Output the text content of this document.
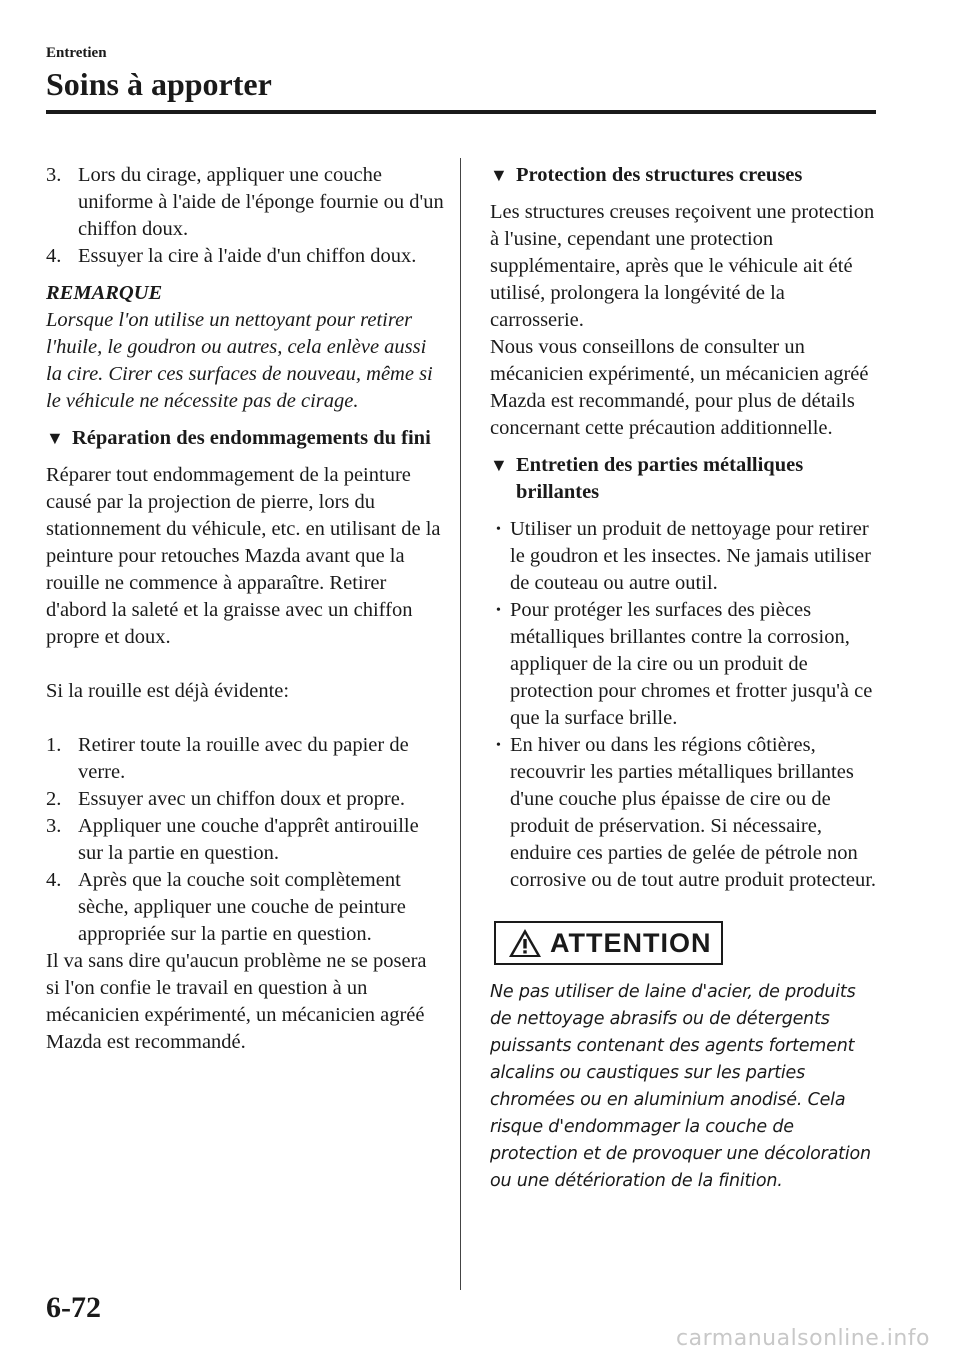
Entretien
Soins à apporter
3. Lors du cirage, appliquer une couche uniforme à l'aide de l'éponge fournie ou d'un chiffon doux.
4. Essuyer la cire à l'aide d'un chiffon doux.
REMARQUE
Lorsque l'on utilise un nettoyant pour retirer l'huile, le goudron ou autres, cela enlève aussi la cire. Cirer ces surfaces de nouveau, même si le véhicule ne nécessite pas de cirage.
▼ Réparation des endommagements du fini

Réparer tout endommagement de la peinture causé par la projection de pierre, lors du stationnement du véhicule, etc. en utilisant de la peinture pour retouches Mazda avant que la rouille ne commence à apparaître. Retirer d'abord la saleté et la graisse avec un chiffon propre et doux.

Si la rouille est déjà évidente:

1. Retirer toute la rouille avec du papier de verre.
2. Essuyer avec un chiffon doux et propre.
3. Appliquer une couche d'apprêt antirouille sur la partie en question.
4. Après que la couche soit complètement sèche, appliquer une couche de peinture appropriée sur la partie en question.

Il va sans dire qu'aucun problème ne se posera si l'on confie le travail en question à un mécanicien expérimenté, un mécanicien agréé Mazda est recommandé.

▼ Protection des structures creuses

Les structures creuses reçoivent une protection à l'usine, cependant une protection supplémentaire, après que le véhicule ait été utilisé, prolongera la longévité de la carrosserie.

Nous vous conseillons de consulter un mécanicien expérimenté, un mécanicien agréé Mazda est recommandé, pour plus de détails concernant cette précaution additionnelle.

▼ Entretien des parties métalliques brillantes
• Utiliser un produit de nettoyage pour retirer le goudron et les insectes. Ne jamais utiliser de couteau ou autre outil.
• Pour protéger les surfaces des pièces métalliques brillantes contre la corrosion, appliquer de la cire ou un produit de protection pour chromes et frotter jusqu'à ce que la surface brille.
• En hiver ou dans les régions côtières, recouvrir les parties métalliques brillantes d'une couche plus épaisse de cire ou de produit de préservation. Si nécessaire, enduire ces parties de gelée de pétrole non corrosive ou de tout autre produit protecteur.
ATTENTION
Ne pas utiliser de laine d'acier, de produits de nettoyage abrasifs ou de détergents puissants contenant des agents fortement alcalins ou caustiques sur les parties chromées ou en aluminium anodisé. Cela risque d'endommager la couche de protection et de provoquer une décoloration ou une détérioration de la finition.
6-72
carmanualsonline.info
